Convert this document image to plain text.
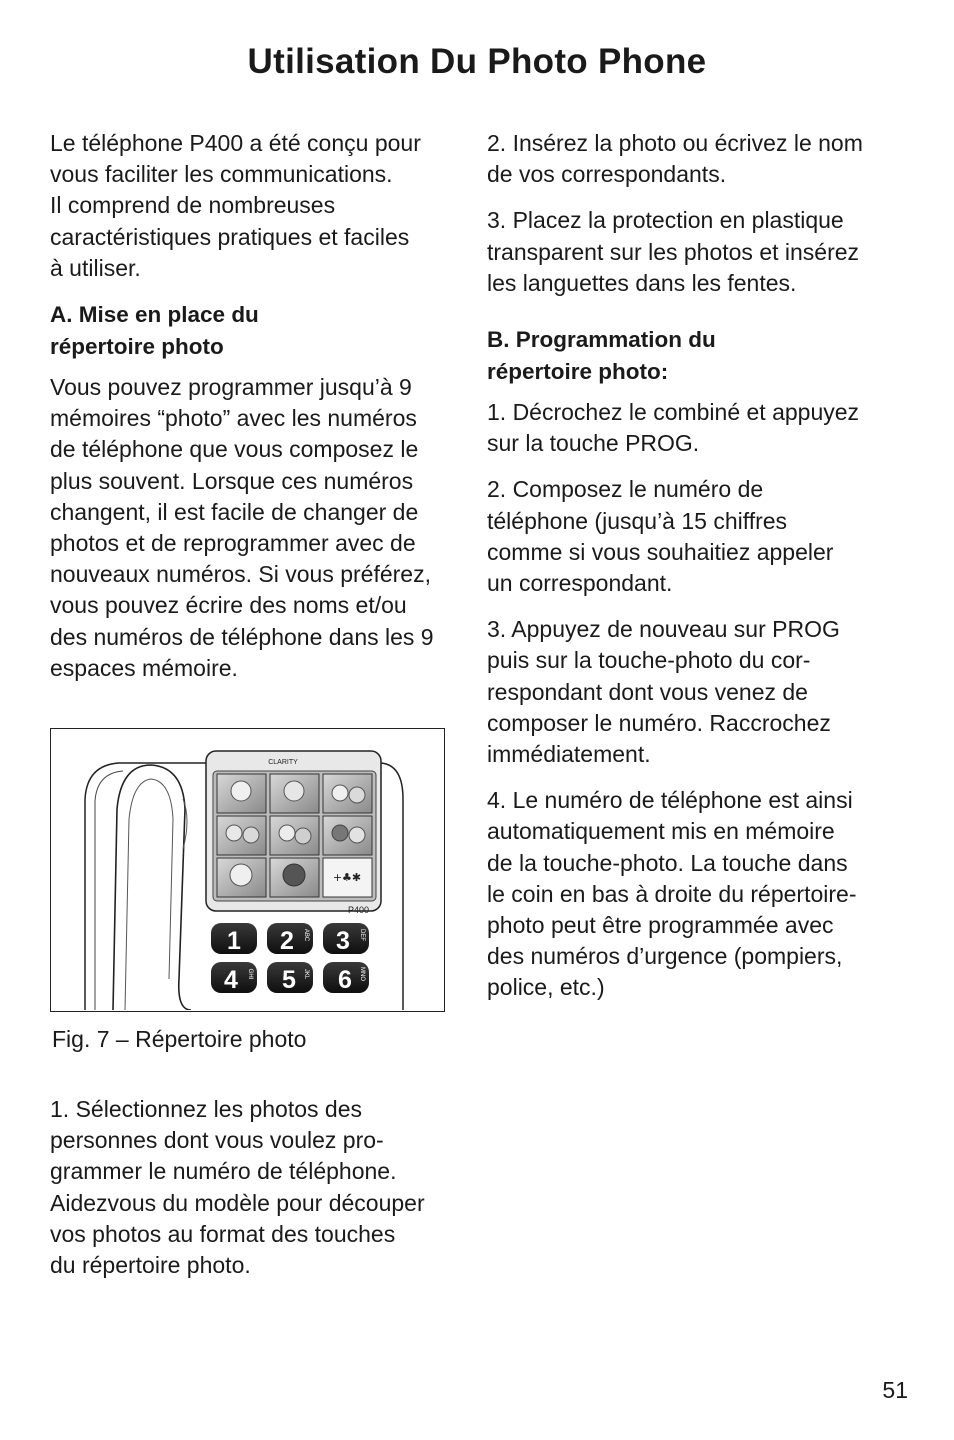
Utilisation Du Photo Phone

Le téléphone P400 a été conçu pour
vous faciliter les communications.
Il comprend de nombreuses
caractéristiques pratiques et faciles
à utiliser.

A. Mise en place du
répertoire photo

Vous pouvez programmer jusqu’à 9
mémoires “photo” avec les numéros
de téléphone que vous composez le
plus souvent. Lorsque ces numéros
changent, il est facile de changer de
photos et de reprogrammer avec de
nouveaux numéros. Si vous préférez,
vous pouvez écrire des noms et/ou
des numéros de téléphone dans les 9
espaces mémoire.

CLARITY
+♣✱
P400
1 2 ABC 3 DEF
4 GHI 5 JKL 6 MNO
Fig. 7 – Répertoire photo
1. Sélectionnez les photos des
personnes dont vous voulez pro-
grammer le numéro de téléphone.
Aidezvous du modèle pour découper
vos photos au format des touches
du répertoire photo.

2. Insérez la photo ou écrivez le nom
de vos correspondants.

3. Placez la protection en plastique
transparent sur les photos et insérez
les languettes dans les fentes.

B. Programmation du
répertoire photo:

1. Décrochez le combiné et appuyez
sur la touche PROG.

2. Composez le numéro de
téléphone (jusqu’à 15 chiffres
comme si vous souhaitiez appeler
un correspondant.

3. Appuyez de nouveau sur PROG
puis sur la touche-photo du cor-
respondant dont vous venez de
composer le numéro. Raccrochez
immédiatement.

4. Le numéro de téléphone est ainsi
automatiquement mis en mémoire
de la touche-photo. La touche dans
le coin en bas à droite du répertoire-
photo peut être programmée avec
des numéros d’urgence (pompiers,
police, etc.)

51
